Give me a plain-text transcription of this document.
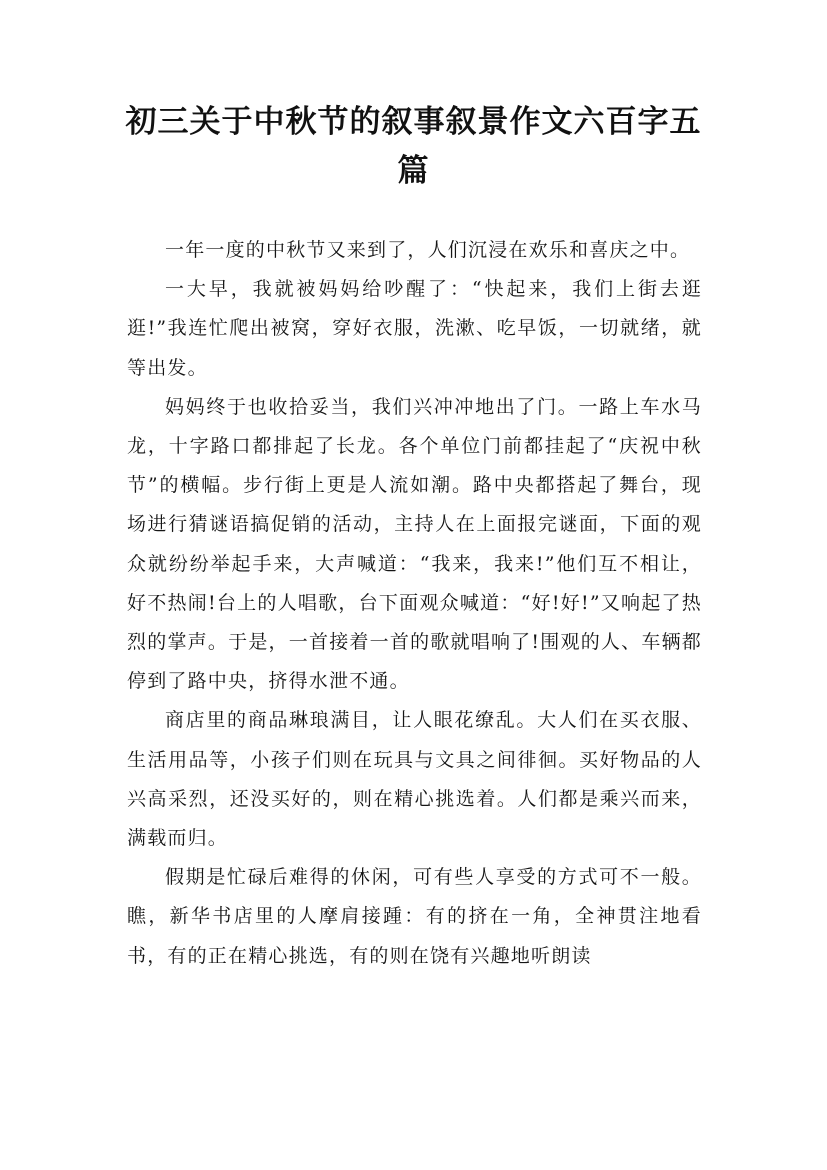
初三关于中秋节的叙事叙景作文六百字五篇

一年一度的中秋节又来到了，人们沉浸在欢乐和喜庆之中。

一大早，我就被妈妈给吵醒了：“快起来，我们上街去逛逛!”我连忙爬出被窝，穿好衣服，洗漱、吃早饭，一切就绪，就等出发。

妈妈终于也收拾妥当，我们兴冲冲地出了门。一路上车水马龙，十字路口都排起了长龙。各个单位门前都挂起了“庆祝中秋节”的横幅。步行街上更是人流如潮。路中央都搭起了舞台，现场进行猜谜语搞促销的活动，主持人在上面报完谜面，下面的观众就纷纷举起手来，大声喊道：“我来，我来!”他们互不相让，好不热闹!台上的人唱歌，台下面观众喊道：“好!好!”又响起了热烈的掌声。于是，一首接着一首的歌就唱响了!围观的人、车辆都停到了路中央，挤得水泄不通。

商店里的商品琳琅满目，让人眼花缭乱。大人们在买衣服、生活用品等，小孩子们则在玩具与文具之间徘徊。买好物品的人兴高采烈，还没买好的，则在精心挑选着。人们都是乘兴而来，满载而归。

假期是忙碌后难得的休闲，可有些人享受的方式可不一般。瞧，新华书店里的人摩肩接踵：有的挤在一角，全神贯注地看书，有的正在精心挑选，有的则在饶有兴趣地听朗读
